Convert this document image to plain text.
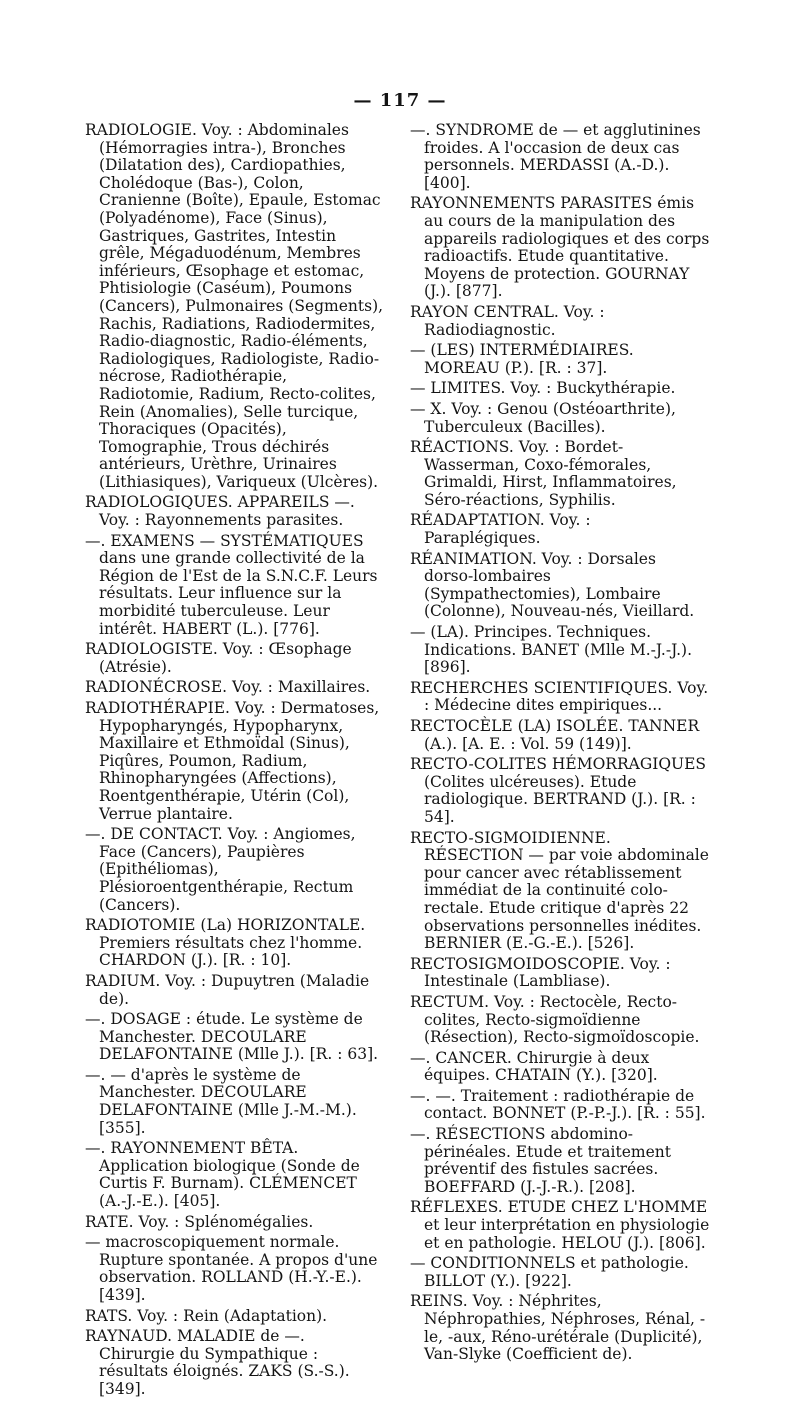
— 117 —

RADIOLOGIE. Voy. : Abdominales (Hémorragies intra-), Bronches (Dilatation des), Cardiopathies, Cholédoque (Bas-), Colon, Cranienne (Boîte), Epaule, Estomac (Polyadénome), Face (Sinus), Gastriques, Gastrites, Intestin grêle, Mégaduodénum, Membres inférieurs, Œsophage et estomac, Phtisiologie (Caséum), Poumons (Cancers), Pulmonaires (Segments), Rachis, Radiations, Radiodermites, Radio-diagnostic, Radio-éléments, Radiologiques, Radiologiste, Radio-nécrose, Radiothérapie, Radiotomie, Radium, Recto-colites, Rein (Anomalies), Selle turcique, Thoraciques (Opacités), Tomographie, Trous déchirés antérieurs, Urèthre, Urinaires (Lithiasiques), Variqueux (Ulcères).

RADIOLOGIQUES. APPAREILS —. Voy. : Rayonnements parasites.

—. EXAMENS — SYSTÉMATIQUES dans une grande collectivité de la Région de l'Est de la S.N.C.F. Leurs résultats. Leur influence sur la morbidité tuberculeuse. Leur intérêt. HABERT (L.). [776].

RADIOLOGISTE. Voy. : Œsophage (Atrésie).

RADIONÉCROSE. Voy. : Maxillaires.

RADIOTHÉRAPIE. Voy. : Dermatoses, Hypopharyngés, Hypopharynx, Maxillaire et Ethmoïdal (Sinus), Piqûres, Poumon, Radium, Rhinopharyngées (Affections), Roentgenthérapie, Utérin (Col), Verrue plantaire.

—. DE CONTACT. Voy. : Angiomes, Face (Cancers), Paupières (Epithéliomas), Plésioroentgenthérapie, Rectum (Cancers).

RADIOTOMIE (La) HORIZONTALE. Premiers résultats chez l'homme. CHARDON (J.). [R. : 10].

RADIUM. Voy. : Dupuytren (Maladie de).

—. DOSAGE : étude. Le système de Manchester. DECOULARE DELAFONTAINE (Mlle J.). [R. : 63].

—. — d'après le système de Manchester. DECOULARE DELAFONTAINE (Mlle J.-M.-M.). [355].

—. RAYONNEMENT BÊTA. Application biologique (Sonde de Curtis F. Burnam). CLÉMENCET (A.-J.-E.). [405].

RATE. Voy. : Splénomégalies.

— macroscopiquement normale. Rupture spontanée. A propos d'une observation. ROLLAND (H.-Y.-E.). [439].

RATS. Voy. : Rein (Adaptation).

RAYNAUD. MALADIE de —. Chirurgie du Sympathique : résultats éloignés. ZAKS (S.-S.). [349].

—. SYNDROME de — et agglutinines froides. A l'occasion de deux cas personnels. MERDASSI (A.-D.). [400].

RAYONNEMENTS PARASITES émis au cours de la manipulation des appareils radiologiques et des corps radioactifs. Etude quantitative. Moyens de protection. GOURNAY (J.). [877].

RAYON CENTRAL. Voy. : Radiodiagnostic.

— (LES) INTERMÉDIAIRES. MOREAU (P.). [R. : 37].

— LIMITES. Voy. : Buckythérapie.

— X. Voy. : Genou (Ostéoarthrite), Tuberculeux (Bacilles).

RÉACTIONS. Voy. : Bordet-Wasserman, Coxo-fémorales, Grimaldi, Hirst, Inflammatoires, Séro-réactions, Syphilis.

RÉADAPTATION. Voy. : Paraplégiques.

RÉANIMATION. Voy. : Dorsales dorso-lombaires (Sympathectomies), Lombaire (Colonne), Nouveau-nés, Vieillard.

— (LA). Principes. Techniques. Indications. BANET (Mlle M.-J.-J.). [896].

RECHERCHES SCIENTIFIQUES. Voy. : Médecine dites empiriques...

RECTOCÈLE (LA) ISOLÉE. TANNER (A.). [A. E. : Vol. 59 (149)].

RECTO-COLITES HÉMORRAGIQUES (Colites ulcéreuses). Etude radiologique. BERTRAND (J.). [R. : 54].

RECTO-SIGMOIDIENNE. RÉSECTION — par voie abdominale pour cancer avec rétablissement immédiat de la continuité colo-rectale. Etude critique d'après 22 observations personnelles inédites. BERNIER (E.-G.-E.). [526].

RECTOSIGMOIDOSCOPIE. Voy. : Intestinale (Lambliase).

RECTUM. Voy. : Rectocèle, Recto-colites, Recto-sigmoïdienne (Résection), Recto-sigmoïdoscopie.

—. CANCER. Chirurgie à deux équipes. CHATAIN (Y.). [320].

—. —. Traitement : radiothérapie de contact. BONNET (P.-P.-J.). [R. : 55].

—. RÉSECTIONS abdomino-périnéales. Etude et traitement préventif des fistules sacrées. BOEFFARD (J.-J.-R.). [208].

RÉFLEXES. ETUDE CHEZ L'HOMME et leur interprétation en physiologie et en pathologie. HELOU (J.). [806].

— CONDITIONNELS et pathologie. BILLOT (Y.). [922].

REINS. Voy. : Néphrites, Néphropathies, Néphroses, Rénal, -le, -aux, Réno-urétérale (Duplicité), Van-Slyke (Coefficient de).
